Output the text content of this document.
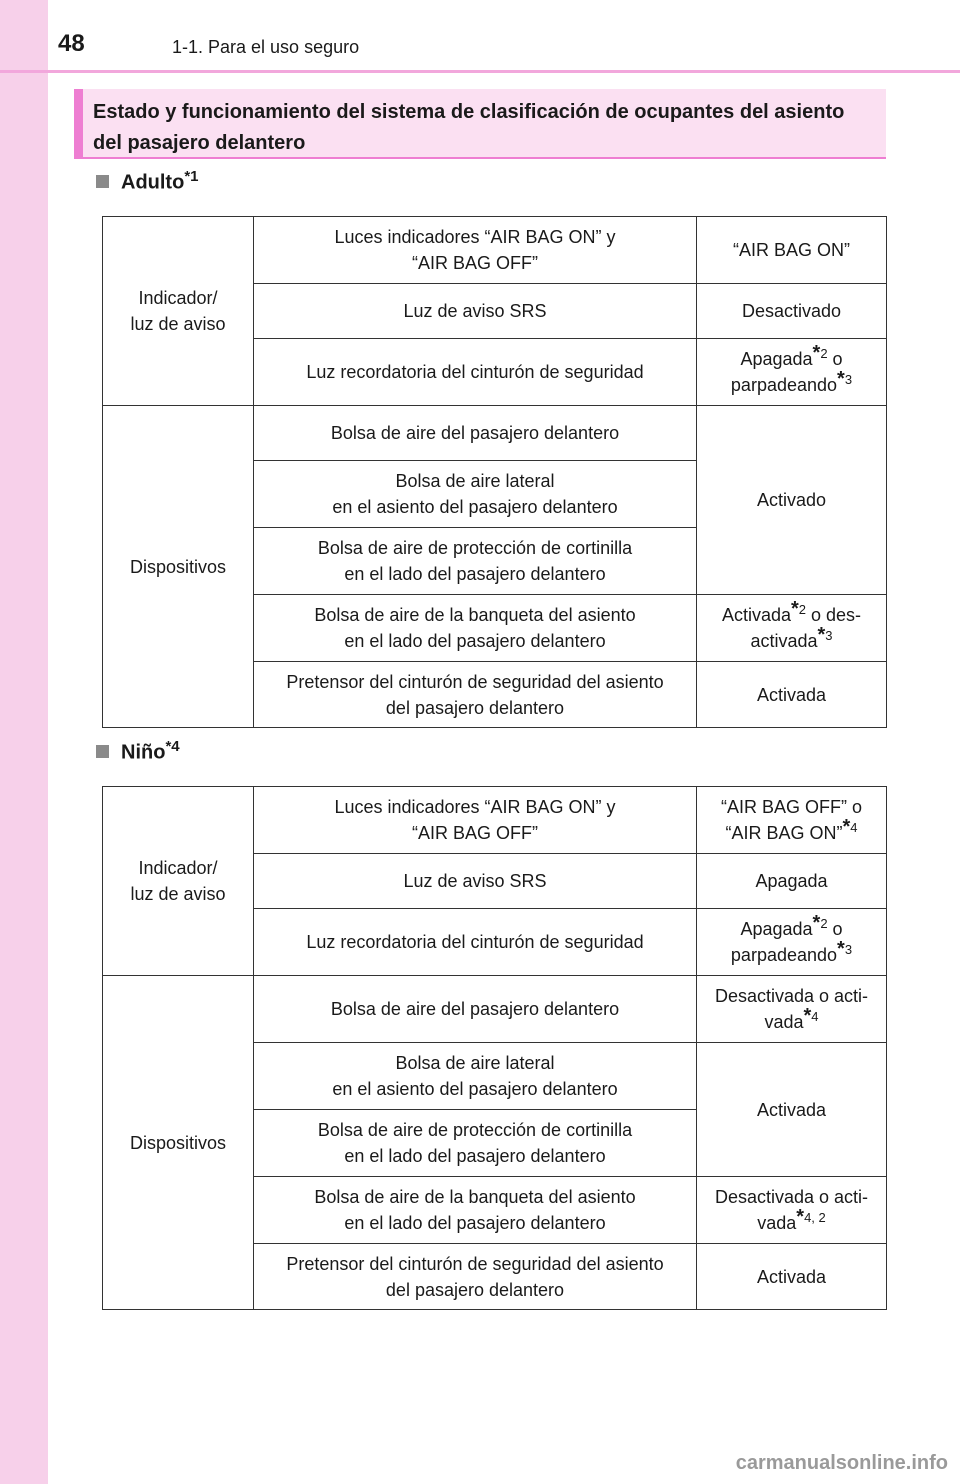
48	1-1. Para el uso seguro
Estado y funcionamiento del sistema de clasificación de ocupantes del asiento del pasajero delantero
Adulto$^{*1}$
Indicador/
luz de aviso	Luces indicadores “AIR BAG ON” y
“AIR BAG OFF”	“AIR BAG ON”
	Luz de aviso SRS	Desactivado
	Luz recordatoria del cinturón de seguridad	Apagada*$^2$ o
parpadeando*$^3$

Dispositivos	Bolsa de aire del pasajero delantero	Activado

	Bolsa de aire lateral
en el asiento del pasajero delantero	

	Bolsa de aire de protección de cortinilla
en el lado del pasajero delantero	

	Bolsa de aire de la banqueta del asiento
en el lado del pasajero delantero	Activada*$^2$ o des-
activada*$^3$

	Pretensor del cinturón de seguridad del asiento
del pasajero delantero	Activada
Niño$^{*4}$
Indicador/
luz de aviso	Luces indicadores “AIR BAG ON” y
“AIR BAG OFF”	“AIR BAG OFF” o
“AIR BAG ON”*$^4$

	Luz de aviso SRS	Apagada
	Luz recordatoria del cinturón de seguridad	Apagada*$^2$ o
parpadeando*$^3$

Dispositivos	Bolsa de aire del pasajero delantero	Desactivada o acti-
vada*$^4$

	Bolsa de aire lateral
en el asiento del pasajero delantero	Activada

	Bolsa de aire de protección de cortinilla
en el lado del pasajero delantero	

	Bolsa de aire de la banqueta del asiento
en el lado del pasajero delantero	Desactivada o acti-
vada*$^{4, 2}$

	Pretensor del cinturón de seguridad del asiento
del pasajero delantero	Activada
carmanualsonline.info
